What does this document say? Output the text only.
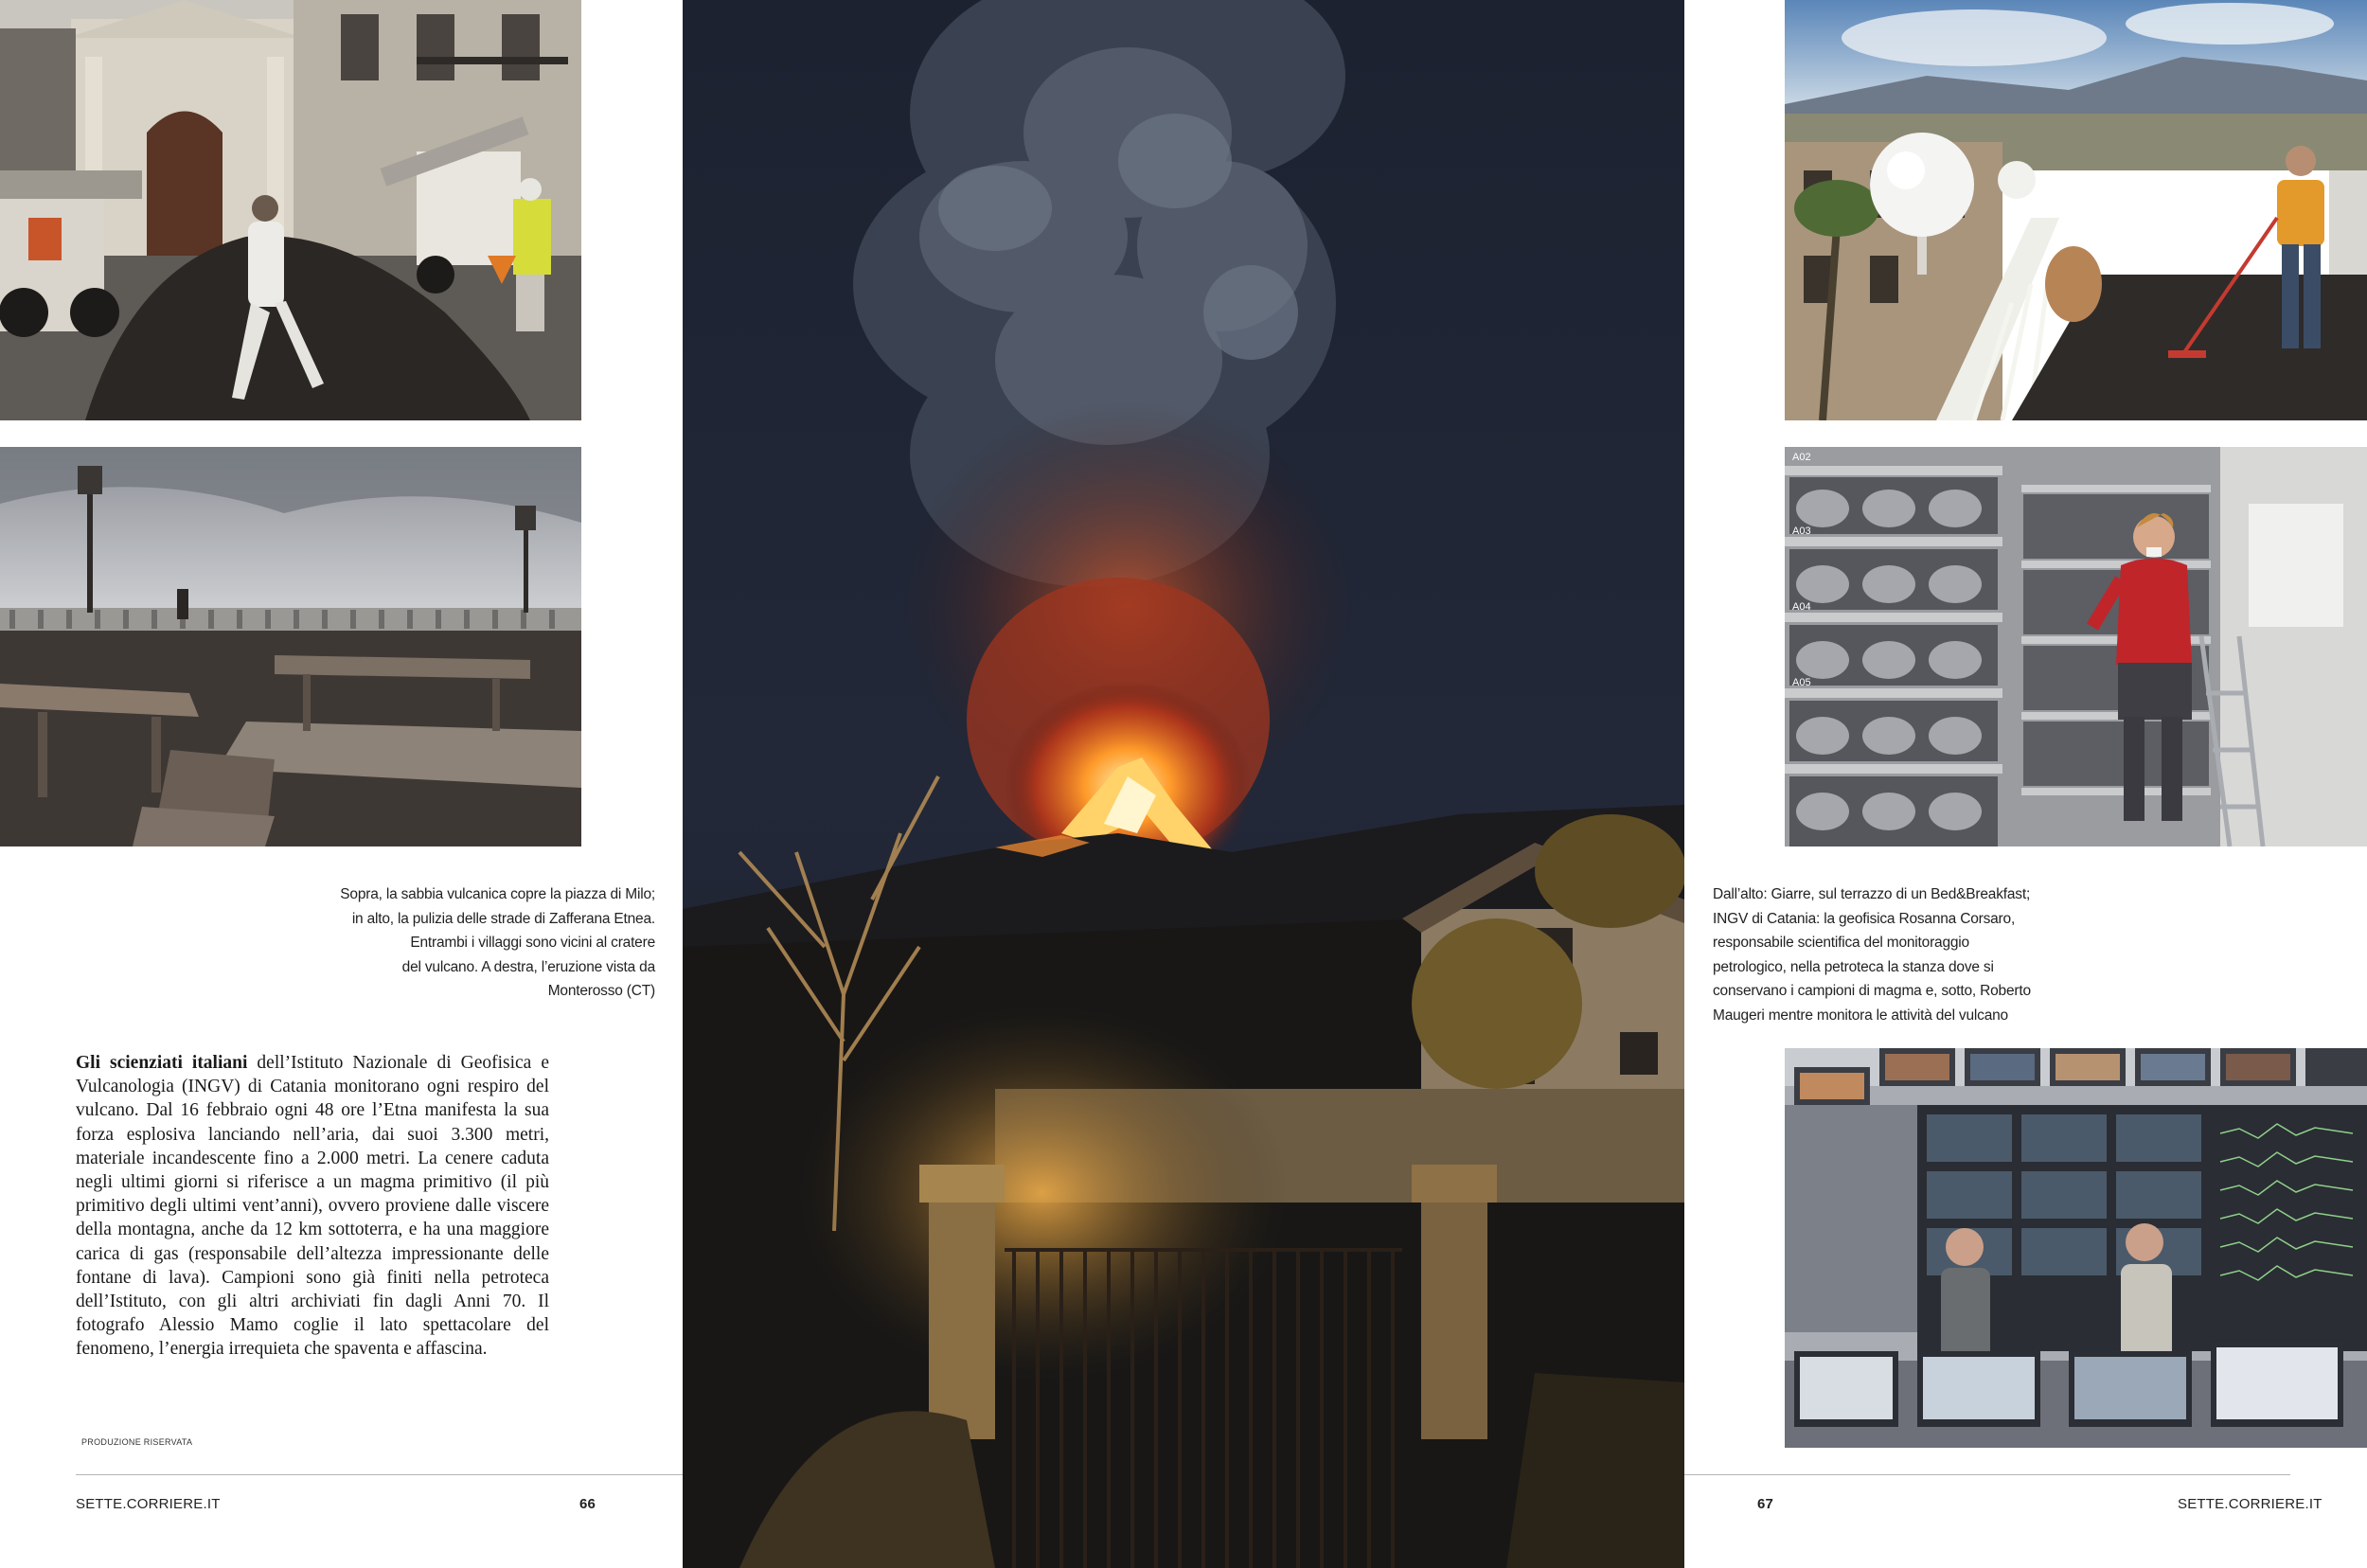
A02
A03
A04
A05
Sopra, la sabbia vulcanica copre la piazza di Milo;
in alto, la pulizia delle strade di Zafferana Etnea.
Entrambi i villaggi sono vicini al cratere
del vulcano. A destra, l’eruzione vista da
Monterosso (CT)
Dall’alto: Giarre, sul terrazzo di un Bed&Breakfast;
INGV di Catania: la geofisica Rosanna Corsaro,
responsabile scientifica del monitoraggio
petrologico, nella petroteca la stanza dove si
conservano i campioni di magma e, sotto, Roberto
Maugeri mentre monitora le attività del vulcano
Gli scienziati italiani dell’Istituto Nazionale di Geofisica e Vulcanologia (INGV) di Catania monitorano ogni respiro del vulcano. Dal 16 febbraio ogni 48 ore l’Etna manifesta la sua forza esplosiva lanciando nell’aria, dai suoi 3.300 metri, materiale incandescente fino a 2.000 metri. La cenere caduta negli ultimi giorni si riferisce a un magma primitivo (il più primitivo degli ultimi vent’anni), ovvero proviene dalle viscere della montagna, anche da 12 km sottoterra, e ha una maggiore carica di gas (responsabile dell’altezza impressionante delle fontane di lava). Campioni sono già finiti nella petroteca dell’Istituto, con gli altri archiviati fin dagli Anni 70. Il fotografo Alessio Mamo coglie il lato spettacolare del fenomeno, l’energia irrequieta che spaventa e affascina.
PRODUZIONE RISERVATA
SETTE.CORRIERE.IT	66	67	SETTE.CORRIERE.IT
